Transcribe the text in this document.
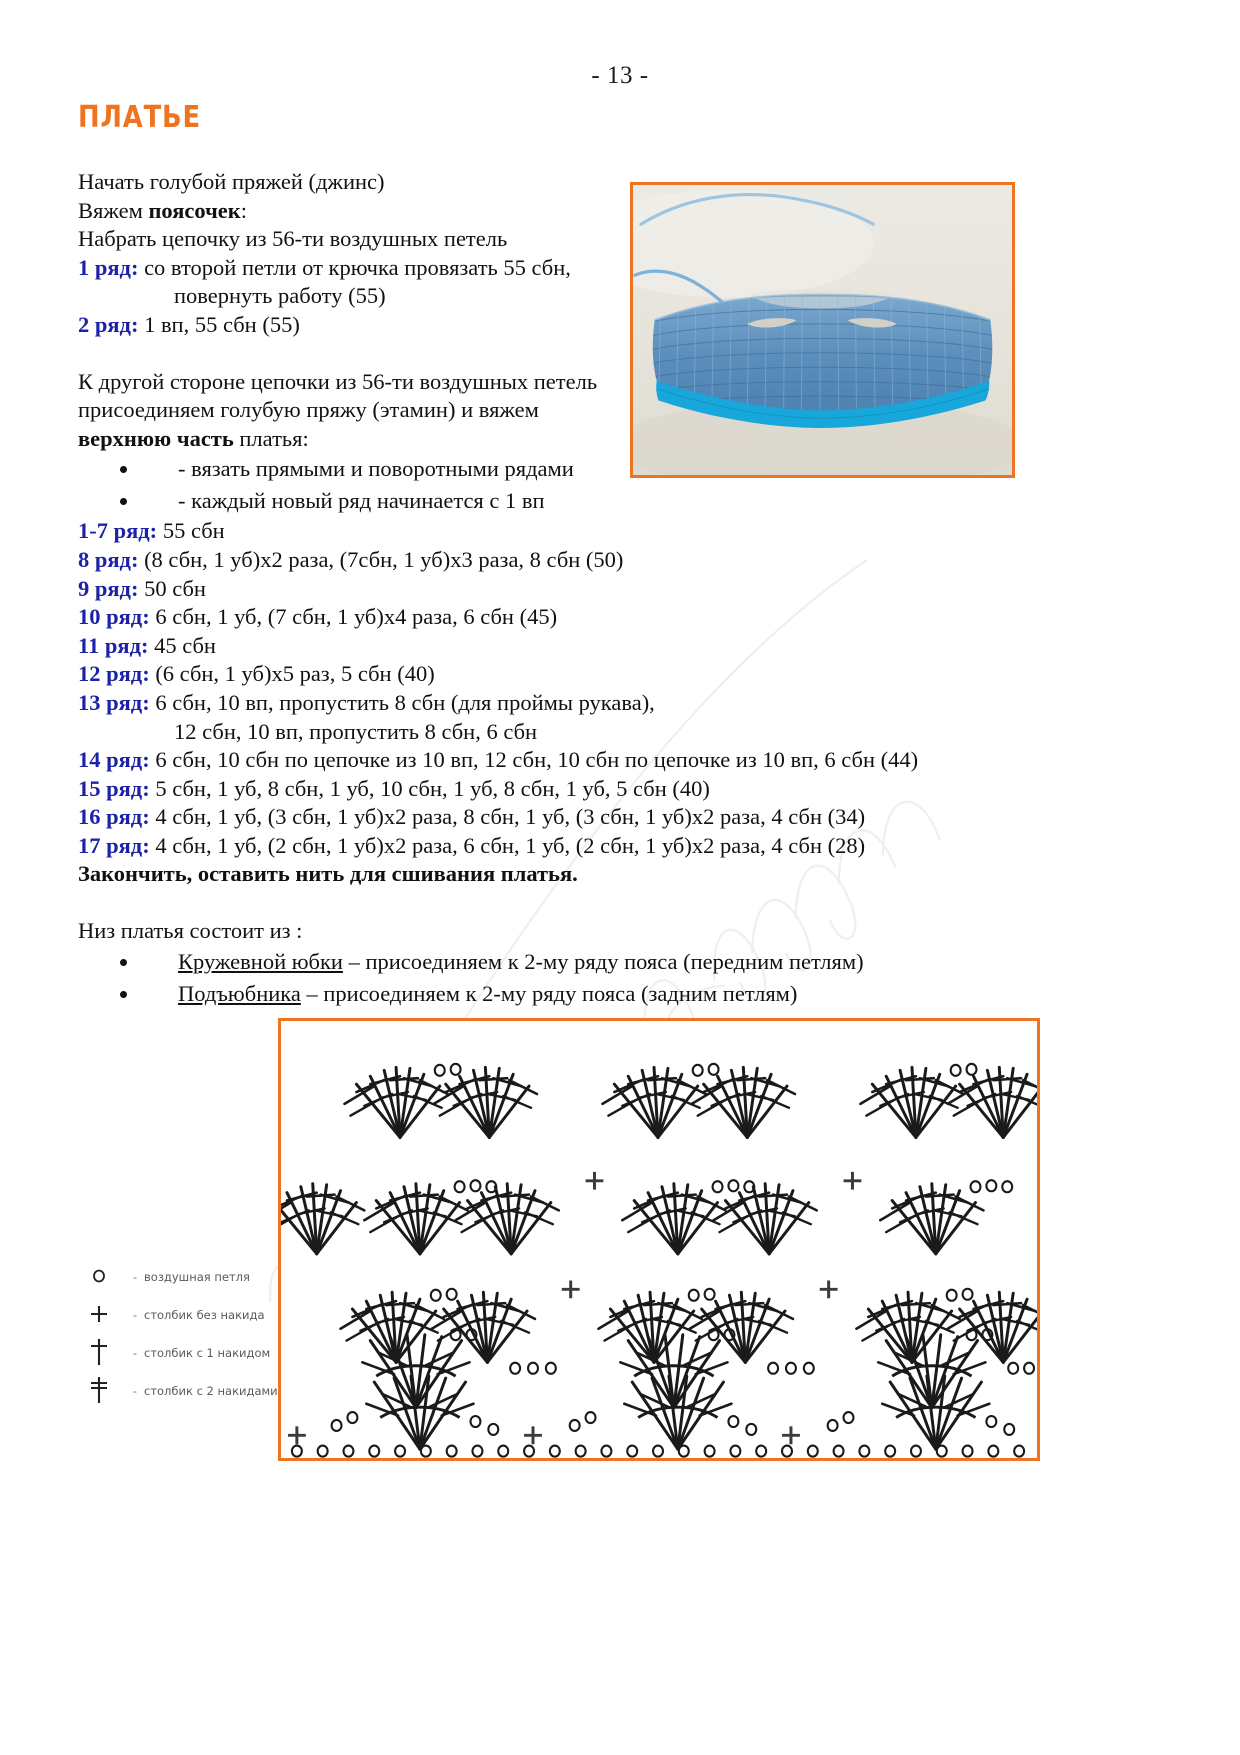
- 13 -
ПЛАТЬЕ
Начать голубой пряжей (джинс)
Вяжем поясочек:
Набрать цепочку из 56-ти воздушных петель
1 ряд: со второй петли от крючка провязать 55 сбн,
повернуть работу (55)
2 ряд: 1 вп, 55 сбн (55)
К другой стороне цепочки из 56-ти воздушных петель
присоединяем голубую пряжу (этамин) и вяжем
верхнюю часть платья:
- вязать прямыми и поворотными рядами
- каждый новый ряд начинается с 1 вп
1-7 ряд: 55 сбн
8 ряд: (8 сбн, 1 уб)х2 раза, (7сбн, 1 уб)х3 раза, 8 сбн (50)
9 ряд: 50 сбн
10 ряд: 6 сбн, 1 уб, (7 сбн, 1 уб)х4 раза, 6 сбн (45)
11 ряд: 45 сбн
12 ряд: (6 сбн, 1 уб)х5 раз, 5 сбн (40)
13 ряд: 6 сбн, 10 вп, пропустить 8 сбн (для проймы рукава),
12 сбн, 10 вп, пропустить 8 сбн, 6 сбн
14 ряд: 6 сбн, 10 сбн по цепочке из 10 вп, 12 сбн, 10 сбн по цепочке из 10 вп, 6 сбн (44)
15 ряд: 5 сбн, 1 уб, 8 сбн, 1 уб, 10 сбн, 1 уб, 8 сбн, 1 уб, 5 сбн (40)
16 ряд: 4 сбн, 1 уб, (3 сбн, 1 уб)х2 раза, 8 сбн, 1 уб, (3 сбн, 1 уб)х2 раза, 4 сбн (34)
17 ряд: 4 сбн, 1 уб, (2 сбн, 1 уб)х2 раза, 6 сбн, 1 уб, (2 сбн, 1 уб)х2 раза, 4 сбн (28)
Закончить, оставить нить для сшивания платья.
Низ платья состоит из :
Кружевной юбки – присоединяем к 2-му ряду пояса (передним петлям)
Подъюбника – присоединяем к 2-му ряду пояса (задним петлям)
- воздушная петля
- столбик без накида
- столбик с 1 накидом
- столбик с 2 накидами
